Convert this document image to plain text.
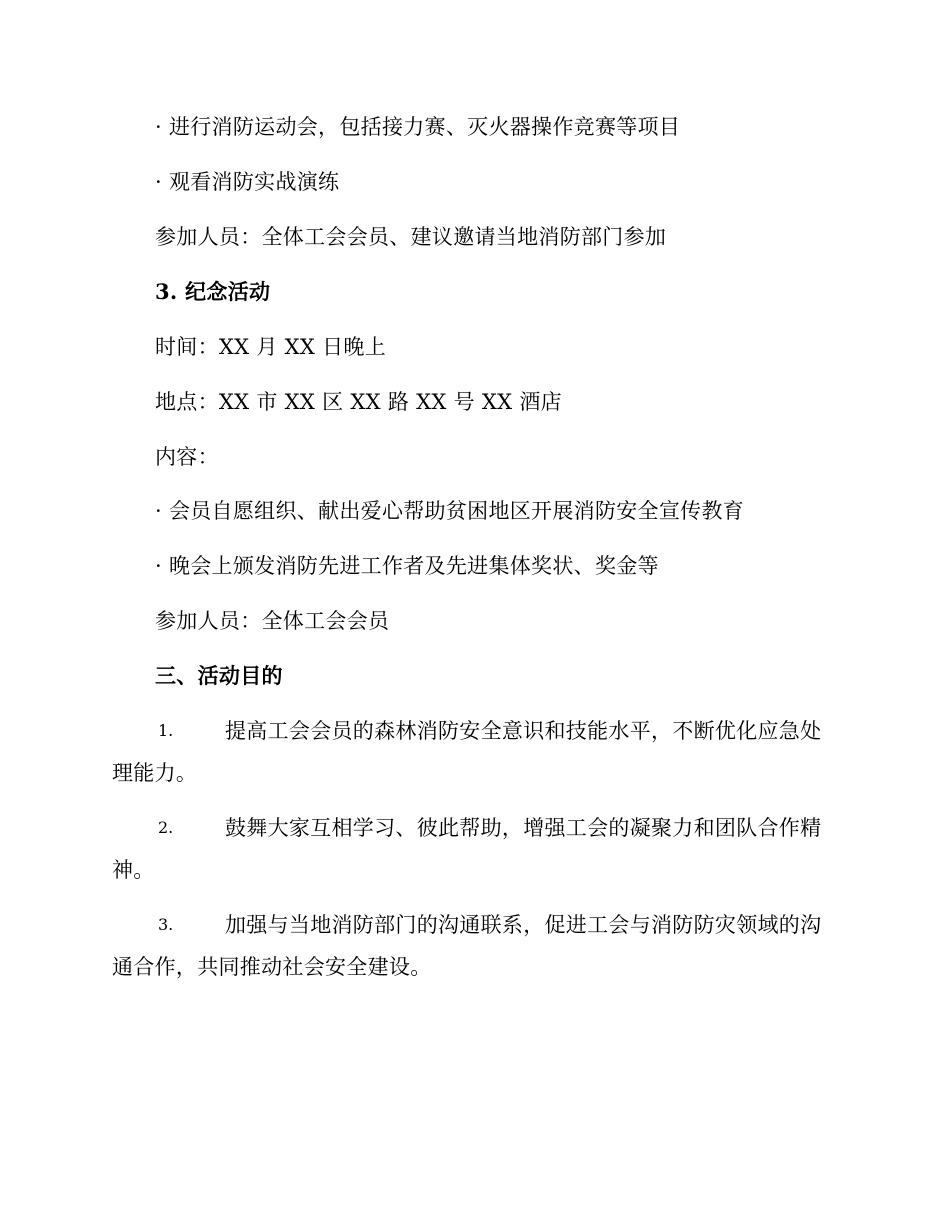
· 进行消防运动会，包括接力赛、灭火器操作竞赛等项目
· 观看消防实战演练
参加人员：全体工会会员、建议邀请当地消防部门参加
3. 纪念活动
时间：XX 月 XX 日晚上
地点：XX 市 XX 区 XX 路 XX 号 XX 酒店
内容：
· 会员自愿组织、献出爱心帮助贫困地区开展消防安全宣传教育
· 晚会上颁发消防先进工作者及先进集体奖状、奖金等
参加人员：全体工会会员
三、活动目的
1. 提高工会会员的森林消防安全意识和技能水平，不断优化应急处
理能力。
2. 鼓舞大家互相学习、彼此帮助，增强工会的凝聚力和团队合作精
神。
3. 加强与当地消防部门的沟通联系，促进工会与消防防灾领域的沟
通合作，共同推动社会安全建设。
